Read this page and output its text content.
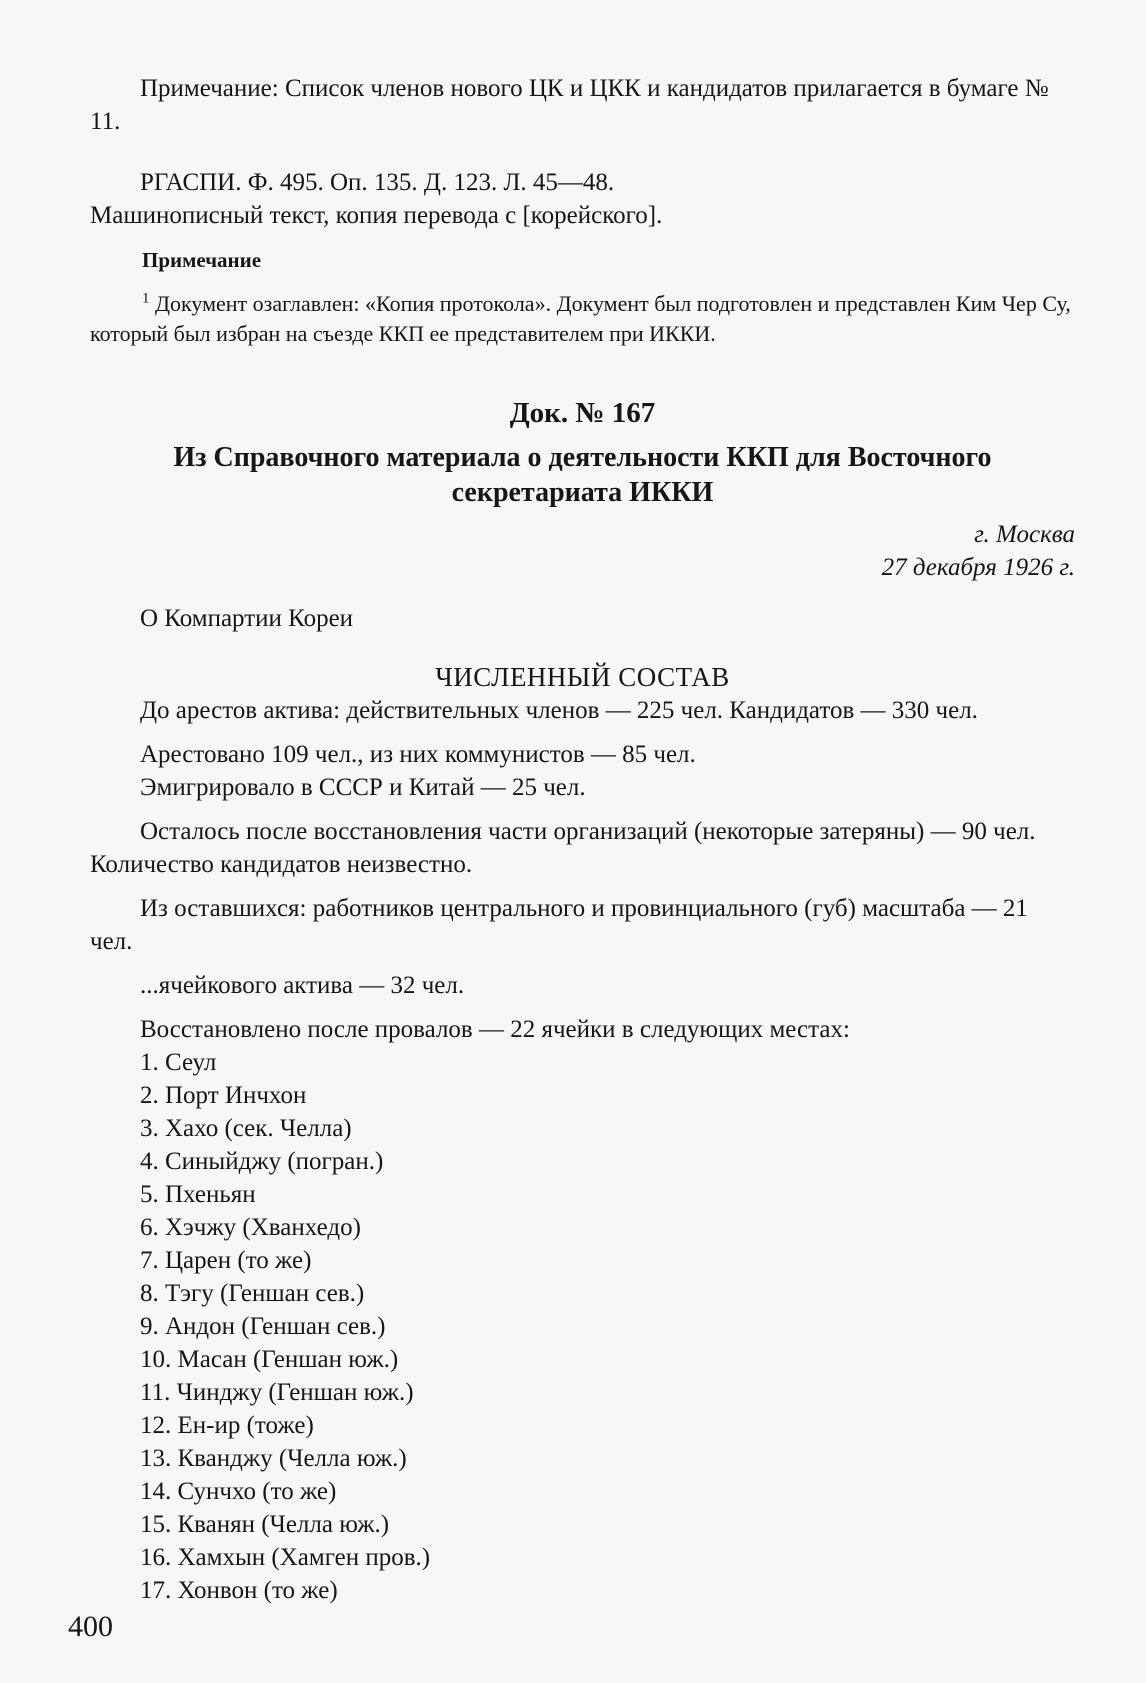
Примечание: Список членов нового ЦК и ЦКК и кандидатов прилагается в бумаге № 11.

РГАСПИ. Ф. 495. Оп. 135. Д. 123. Л. 45—48.

Машинописный текст, копия перевода с [корейского].

Примечание

$^1$ Документ озаглавлен: «Копия протокола». Документ был подготовлен и представлен Ким Чер Су, который был избран на съезде ККП ее представителем при ИККИ.

Док. № 167

Из Справочного материала о деятельности ККП для Восточного секретариата ИККИ

г. Москва

27 декабря 1926 г.

О Компартии Кореи

ЧИСЛЕННЫЙ СОСТАВ

До арестов актива: действительных членов — 225 чел. Кандидатов — 330 чел.

Арестовано 109 чел., из них коммунистов — 85 чел.

Эмигрировало в СССР и Китай — 25 чел.

Осталось после восстановления части организаций (некоторые затеряны) — 90 чел. Количество кандидатов неизвестно.

Из оставшихся: работников центрального и провинциального (губ) масштаба — 21 чел.

...ячейкового актива — 32 чел.

Восстановлено после провалов — 22 ячейки в следующих местах:

1. Сеул
2. Порт Инчхон
3. Хахо (сек. Челла)
4. Синыйджу (погран.)
5. Пхеньян
6. Хэчжу (Хванхедо)
7. Царен (то же)
8. Тэгу (Геншан сев.)
9. Андон (Геншан сев.)
10. Масан (Геншан юж.)
11. Чинджу (Геншан юж.)
12. Ен-ир (тоже)
13. Кванджу (Челла юж.)
14. Сунчхо (то же)
15. Кванян (Челла юж.)
16. Хамхын (Хамген пров.)
17. Хонвон (то же)
400
